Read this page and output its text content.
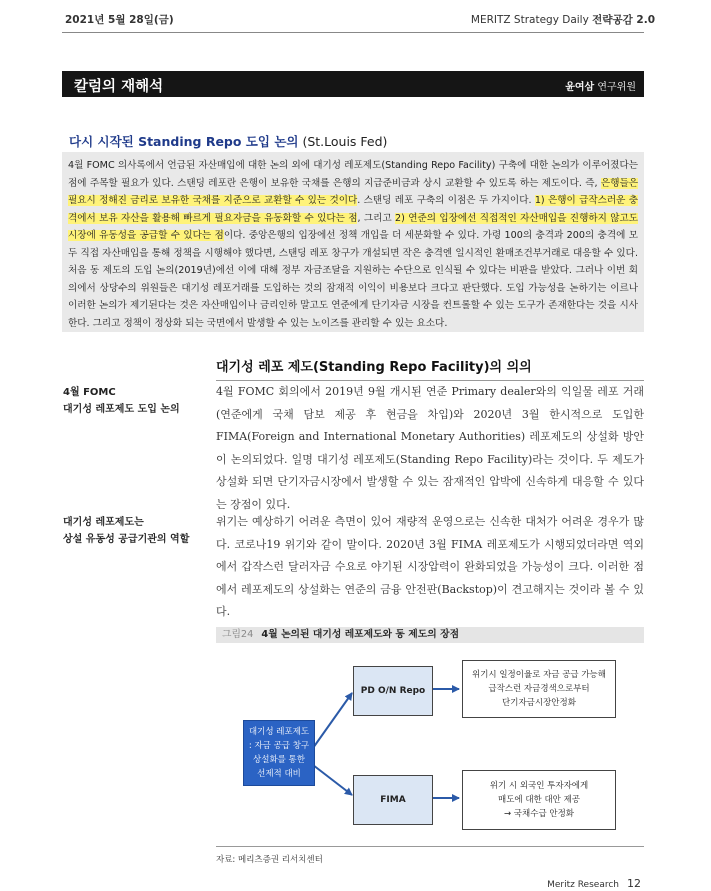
2021년 5월 28일(금)	MERITZ Strategy Daily 전략공감 2.0
칼럼의 재해석	윤여삼 연구위원
다시 시작된 Standing Repo 도입 논의 (St.Louis Fed)
4월 FOMC 의사록에서 언급된 자산매입에 대한 논의 외에 대기성 레포제도(Standing Repo Facility) 구축에 대한 논의가 이루어졌다는 점에 주목할 필요가 있다. 스탠딩 레포란 은행이 보유한 국채를 은행의 지급준비금과 상시 교환할 수 있도록 하는 제도이다. 즉, 은행들은 필요시 정해진 금리로 보유한 국채를 지준으로 교환할 수 있는 것이다. 스탠딩 레포 구축의 이점은 두 가지이다. 1) 은행이 급작스러운 충격에서 보유 자산을 활용해 빠르게 필요자금을 유동화할 수 있다는 점, 그리고 2) 연준의 입장에선 직접적인 자산매입을 진행하지 않고도 시장에 유동성을 공급할 수 있다는 점이다. 중앙은행의 입장에선 정책 개입을 더 세분화할 수 있다. 가령 100의 충격과 200의 충격에 모두 직접 자산매입을 통해 정책을 시행해야 했다면, 스탠딩 레포 창구가 개설되면 작은 충격엔 일시적인 환매조건부거래로 대응할 수 있다. 처음 동 제도의 도입 논의(2019년)에선 이에 대해 정부 자금조달을 지원하는 수단으로 인식될 수 있다는 비판을 받았다. 그러나 이번 회의에서 상당수의 위원들은 대기성 레포거래를 도입하는 것의 잠재적 이익이 비용보다 크다고 판단했다. 도입 가능성을 논하기는 이르나 이러한 논의가 제기된다는 것은 자산매입이나 금리인하 말고도 연준에게 단기자금 시장을 컨트롤할 수 있는 도구가 존재한다는 것을 시사한다. 그리고 정책이 정상화 되는 국면에서 발생할 수 있는 노이즈를 관리할 수 있는 요소다.
대기성 레포 제도(Standing Repo Facility)의 의의
4월 FOMC
대기성 레포제도 도입 논의
4월 FOMC 회의에서 2019년 9월 개시된 연준 Primary dealer와의 익일물 레포 거래(연준에게 국채 담보 제공 후 현금을 차입)와 2020년 3월 한시적으로 도입한 FIMA(Foreign and International Monetary Authorities) 레포제도의 상설화 방안이 논의되었다. 일명 대기성 레포제도(Standing Repo Facility)라는 것이다. 두 제도가 상설화 되면 단기자금시장에서 발생할 수 있는 잠재적인 압박에 신속하게 대응할 수 있다는 장점이 있다.
대기성 레포제도는
상설 유동성 공급기관의 역할
위기는 예상하기 어려운 측면이 있어 재량적 운영으로는 신속한 대처가 어려운 경우가 많다. 코로나19 위기와 같이 말이다. 2020년 3월 FIMA 레포제도가 시행되었더라면 역외에서 갑작스런 달러자금 수요로 야기된 시장압력이 완화되었을 가능성이 크다. 이러한 점에서 레포제도의 상설화는 연준의 금융 안전판(Backstop)이 견고해지는 것이라 볼 수 있다.
그림24 4월 논의된 대기성 레포제도와 동 제도의 장점
대기성 레포제도
: 자금 공급 창구
상설화를 통한
선제적 대비
PD O/N Repo
FIMA
위기시 일정이율로 자금 공급 가능해
급작스런 자금경색으로부터
단기자금시장안정화
위기 시 외국인 투자자에게
매도에 대한 대안 제공
→ 국채수급 안정화
자료: 메리츠증권 리서치센터
Meritz Research 12
